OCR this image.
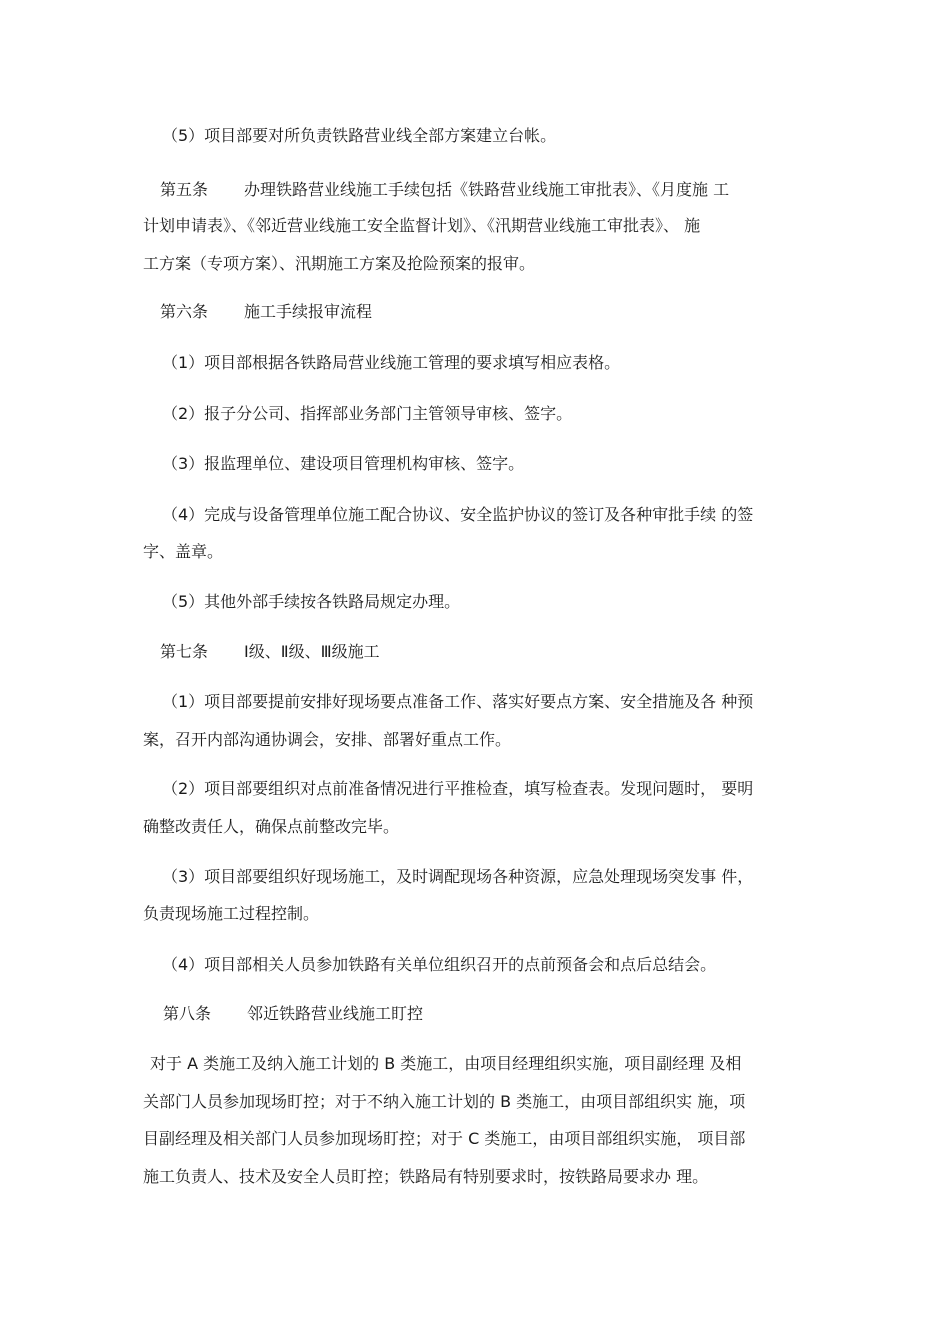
（5）项目部要对所负责铁路营业线全部方案建立台帐。
第五条 办理铁路营业线施工手续包括《铁路营业线施工审批表》、《月度施 工
计划申请表》、《邻近营业线施工安全监督计划》、《汛期营业线施工审批表》、 施
工方案（专项方案）、汛期施工方案及抢险预案的报审。
第六条 施工手续报审流程
（1）项目部根据各铁路局营业线施工管理的要求填写相应表格。
（2）报子分公司、指挥部业务部门主管领导审核、签字。
（3）报监理单位、建设项目管理机构审核、签字。
（4）完成与设备管理单位施工配合协议、安全监护协议的签订及各种审批手续 的签
字、盖章。
（5）其他外部手续按各铁路局规定办理。
第七条 Ⅰ级、Ⅱ级、Ⅲ级施工
（1）项目部要提前安排好现场要点准备工作、落实好要点方案、安全措施及各 种预
案，召开内部沟通协调会，安排、部署好重点工作。
（2）项目部要组织对点前准备情况进行平推检查，填写检查表。发现问题时， 要明
确整改责任人，确保点前整改完毕。
（3）项目部要组织好现场施工，及时调配现场各种资源，应急处理现场突发事 件，
负责现场施工过程控制。
（4）项目部相关人员参加铁路有关单位组织召开的点前预备会和点后总结会。
第八条 邻近铁路营业线施工盯控
对于 A 类施工及纳入施工计划的 B 类施工，由项目经理组织实施，项目副经理 及相
关部门人员参加现场盯控；对于不纳入施工计划的 B 类施工，由项目部组织实 施，项
目副经理及相关部门人员参加现场盯控；对于 C 类施工，由项目部组织实施， 项目部
施工负责人、技术及安全人员盯控；铁路局有特别要求时，按铁路局要求办 理。
